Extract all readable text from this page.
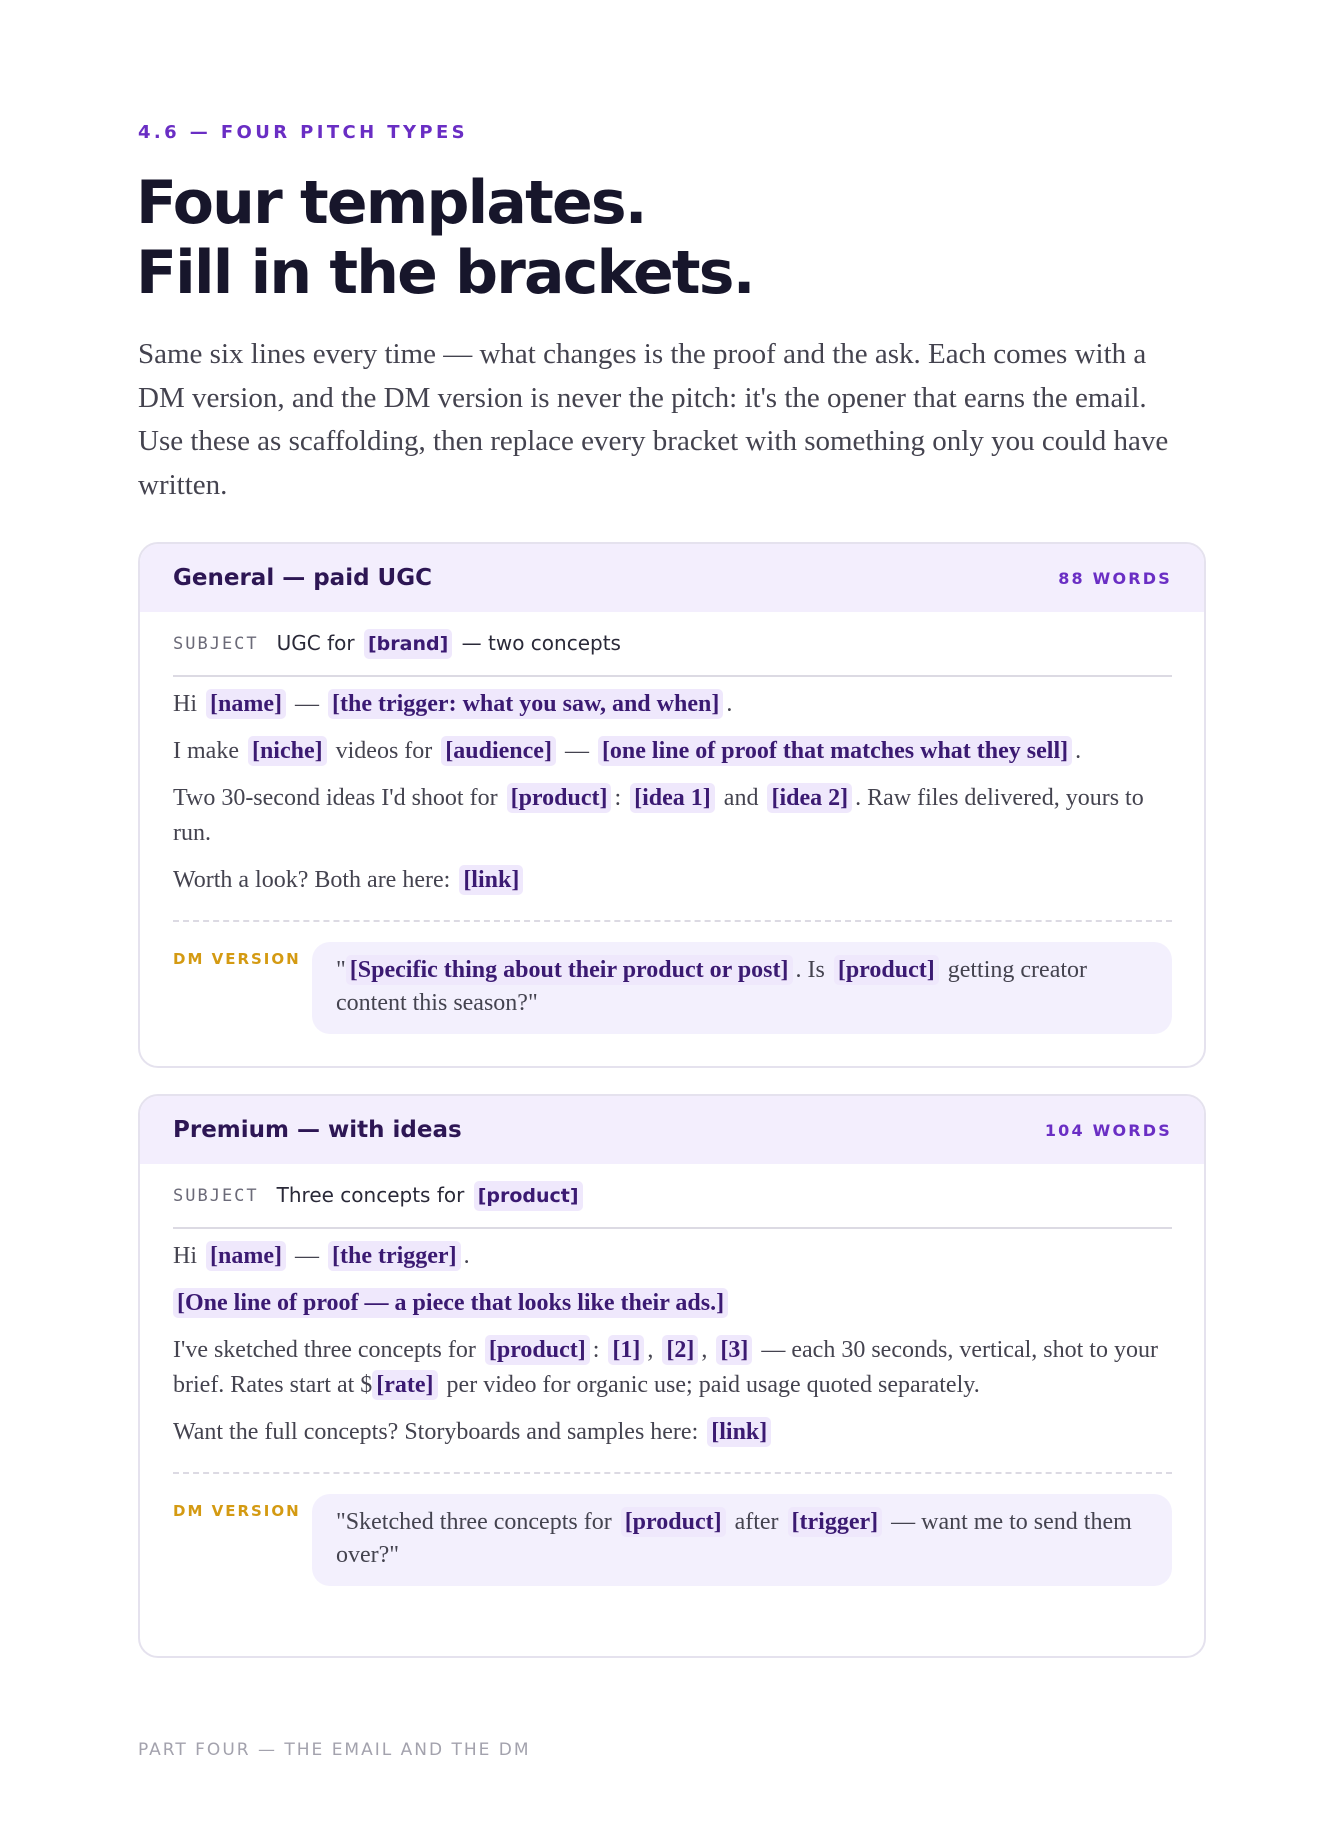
4.6 — FOUR PITCH TYPES
Four templates.
Fill in the brackets.

Same six lines every time — what changes is the proof and the ask. Each comes with a DM version, and the DM version is never the pitch: it's the opener that earns the email. Use these as scaffolding, then replace every bracket with something only you could have written.

General — paid UGC	88 WORDS
SUBJECT UGC for [brand] — two concepts

Hi [name] — [the trigger: what you saw, and when] .

I make [niche] videos for [audience] — [one line of proof that matches what they sell] .

Two 30-second ideas I'd shoot for [product] : [idea 1] and [idea 2] . Raw files delivered, yours to run.

Worth a look? Both are here: [link]

DM VERSION	" [Specific thing about their product or post] . Is [product] getting creator content this season?"
Premium — with ideas	104 WORDS
SUBJECT Three concepts for [product]

Hi [name] — [the trigger] .

[One line of proof — a piece that looks like their ads.]

I've sketched three concepts for [product] : [1] , [2] , [3] — each 30 seconds, vertical, shot to your brief. Rates start at $ [rate] per video for organic use; paid usage quoted separately.

Want the full concepts? Storyboards and samples here: [link]

DM VERSION	"Sketched three concepts for [product] after [trigger] — want me to send them over?"
PART FOUR — THE EMAIL AND THE DM
